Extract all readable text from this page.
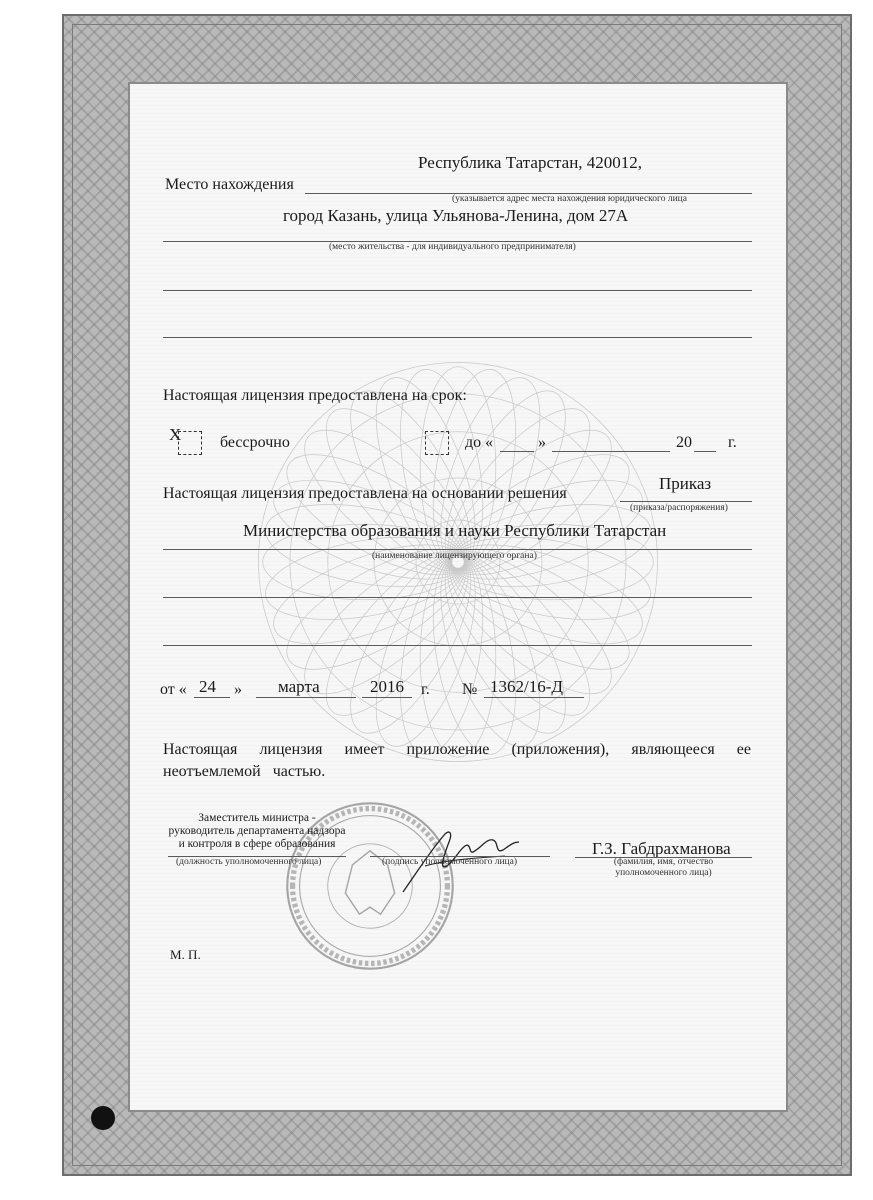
Республика Татарстан, 420012,
Место нахождения
(указывается адрес места нахождения юридического лица
город Казань, улица Ульянова-Ленина, дом 27А
(место жительства - для индивидуального предпринимателя)
Настоящая лицензия предоставлена на срок:
X бессрочно	до «	»	20 г.
Приказ
Настоящая лицензия предоставлена на основании решения
(приказа/распоряжения)
Министерства образования и науки Республики Татарстан
(наименование лицензирующего органа)
от « 24 » марта	2016 г. № 1362/16-Д
Настоящая лицензия имеет приложение (приложения), являющееся ее
неотъемлемой частью.
Заместитель министра -
руководитель департамента надзора
и контроля в сфере образования
(должность уполномоченного лица)	(подпись уполномоченного лица)
Г.З. Габдрахманова
(фамилия, имя, отчество
уполномоченного лица)
М. П.
